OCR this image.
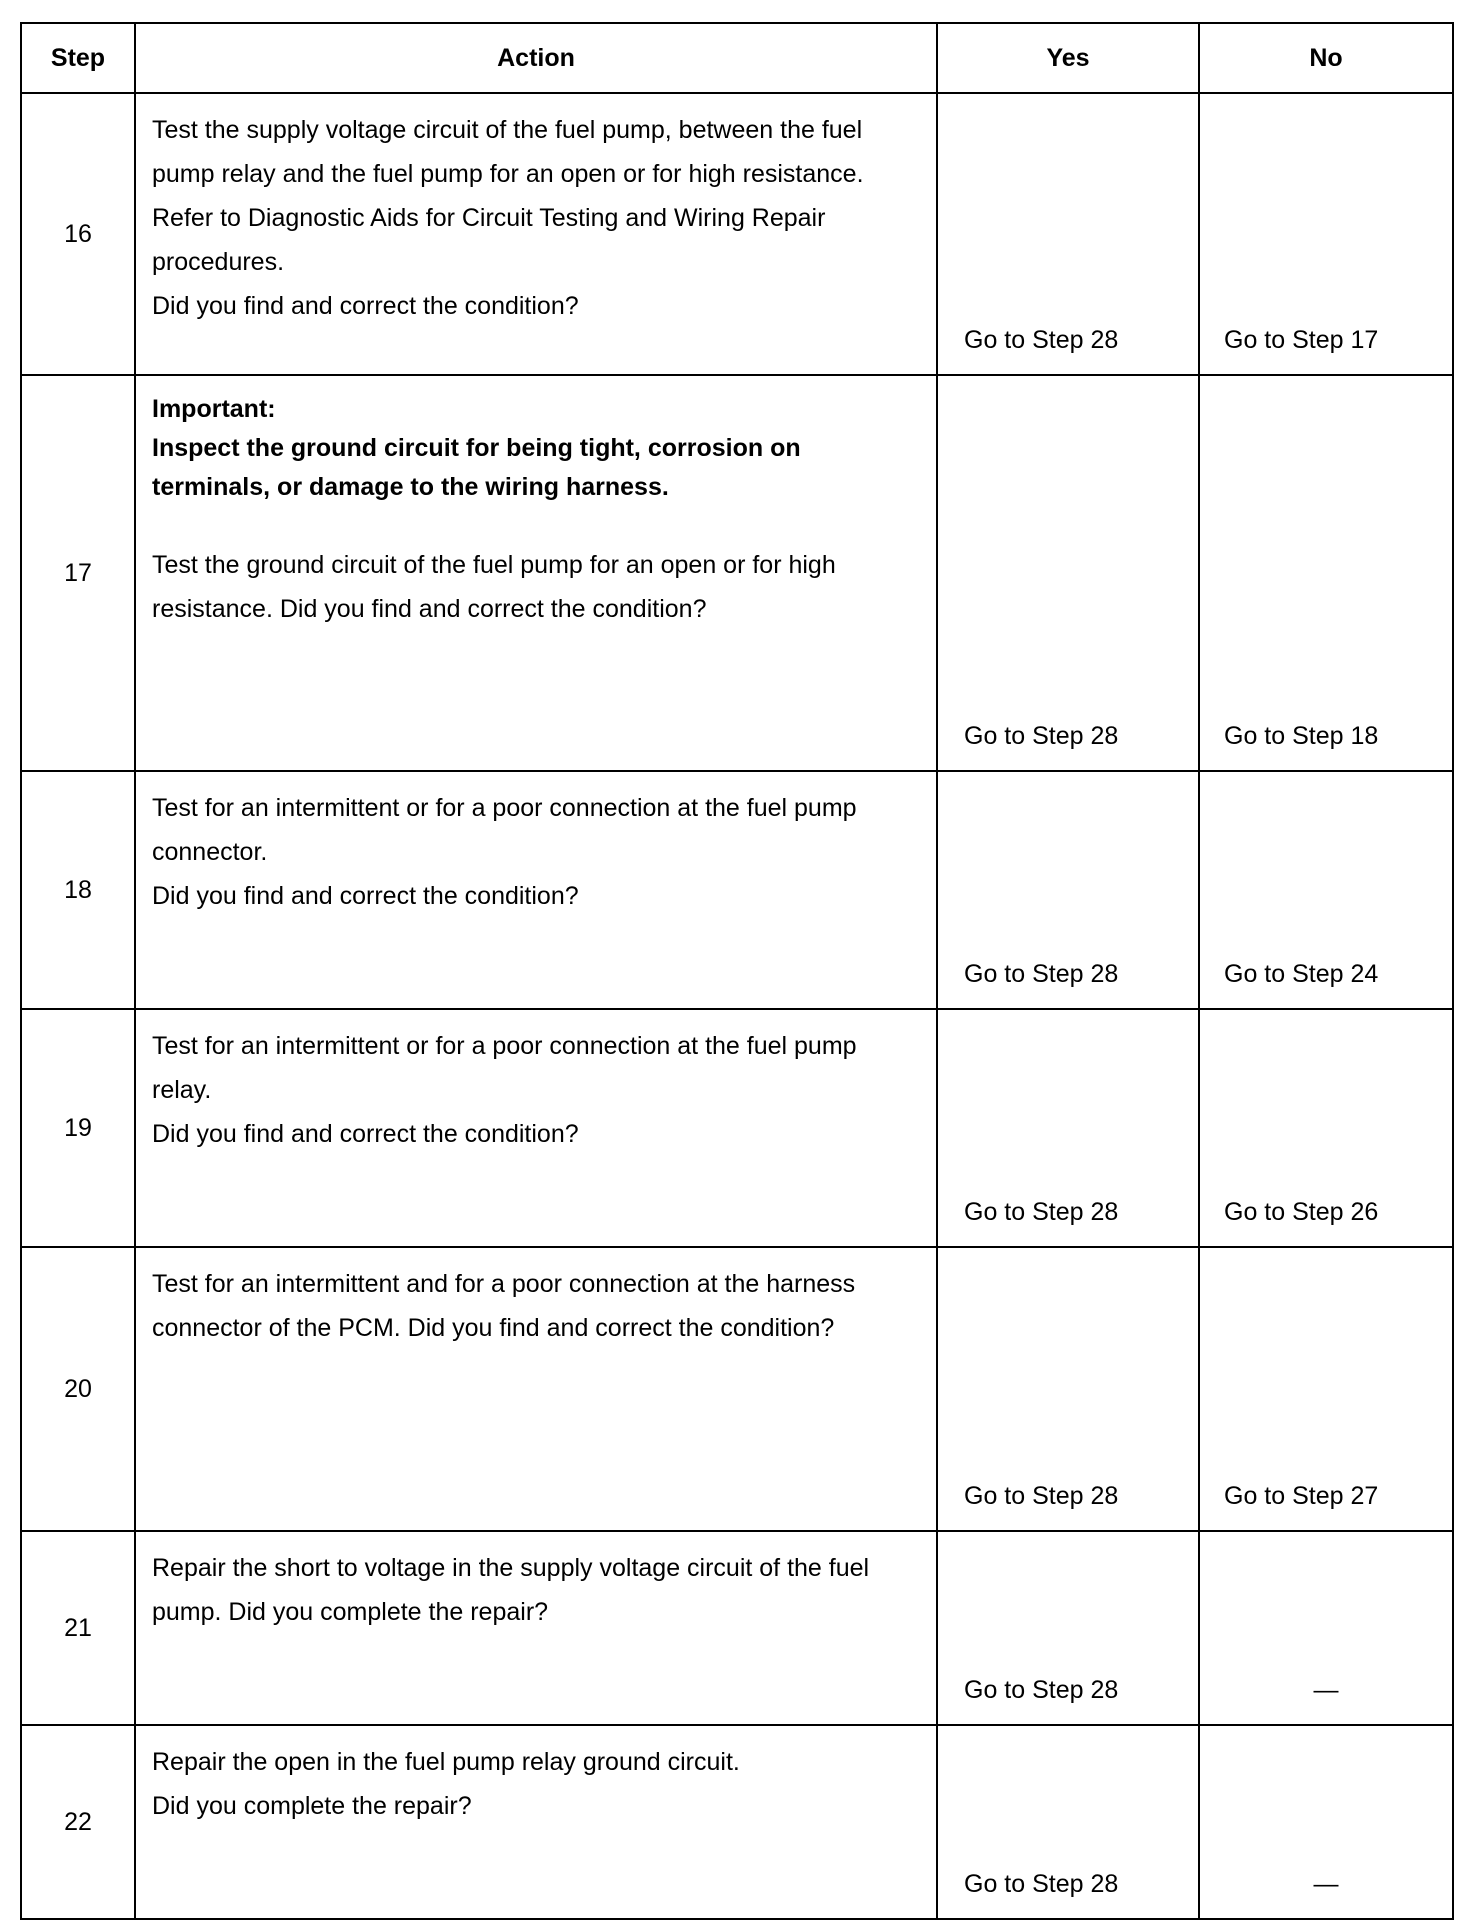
Step	Action	Yes	No
16	Test the supply voltage circuit of the fuel pump, between the fuel pump relay and the fuel pump for an open or for high resistance. Refer to Diagnostic Aids for Circuit Testing and Wiring Repair procedures.

Did you find and correct the condition?	Go to Step 28	Go to Step 17
17	Important:

Inspect the ground circuit for being tight, corrosion on terminals, or damage to the wiring harness.

Test the ground circuit of the fuel pump for an open or for high resistance. Did you find and correct the condition?	Go to Step 28	Go to Step 18
18	Test for an intermittent or for a poor connection at the fuel pump connector.

Did you find and correct the condition?	Go to Step 28	Go to Step 24
19	Test for an intermittent or for a poor connection at the fuel pump relay.

Did you find and correct the condition?	Go to Step 28	Go to Step 26
20	Test for an intermittent and for a poor connection at the harness connector of the PCM. Did you find and correct the condition?	Go to Step 28	Go to Step 27
21	Repair the short to voltage in the supply voltage circuit of the fuel pump. Did you complete the repair?	Go to Step 28	—
22	Repair the open in the fuel pump relay ground circuit.

Did you complete the repair?	Go to Step 28	—
